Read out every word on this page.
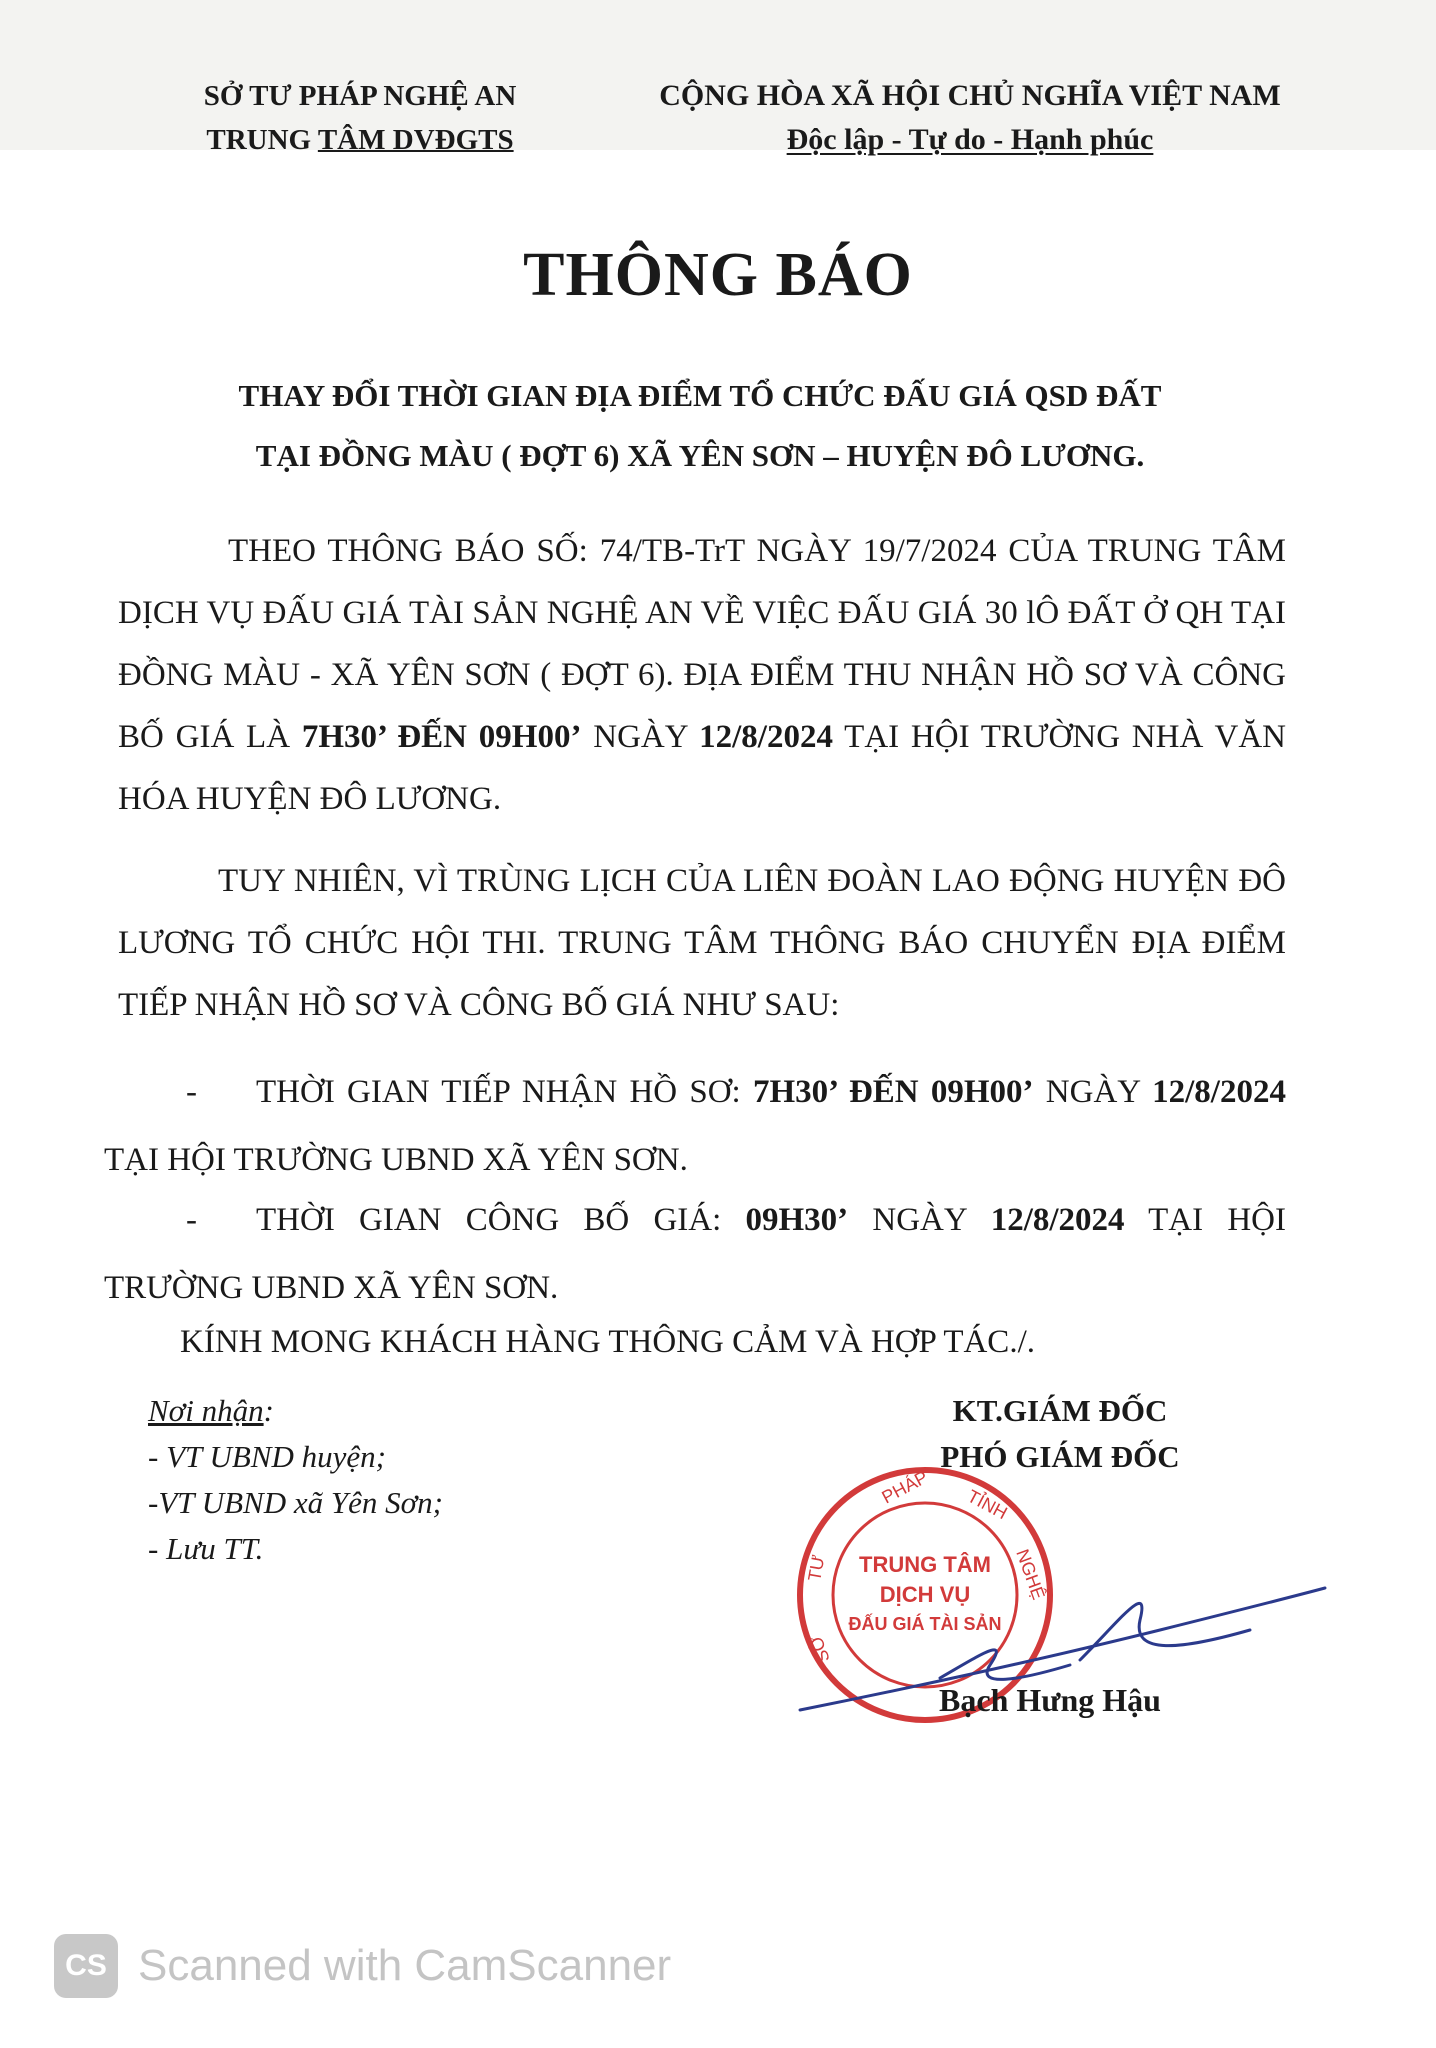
SỞ TƯ PHÁP NGHỆ AN
TRUNG TÂM DVĐGTS
CỘNG HÒA XÃ HỘI CHỦ NGHĨA VIỆT NAM
Độc lập - Tự do - Hạnh phúc
THÔNG BÁO
THAY ĐỔI THỜI GIAN ĐỊA ĐIỂM TỔ CHỨC ĐẤU GIÁ QSD ĐẤT
TẠI ĐỒNG MÀU ( ĐỢT 6) XÃ YÊN SƠN – HUYỆN ĐÔ LƯƠNG.
THEO THÔNG BÁO SỐ: 74/TB-TrT NGÀY 19/7/2024 CỦA TRUNG TÂM DỊCH VỤ ĐẤU GIÁ TÀI SẢN NGHỆ AN VỀ VIỆC ĐẤU GIÁ 30 lÔ ĐẤT Ở QH TẠI ĐỒNG MÀU - XÃ YÊN SƠN ( ĐỢT 6). ĐỊA ĐIỂM THU NHẬN HỒ SƠ VÀ CÔNG BỐ GIÁ LÀ 7H30’ ĐẾN 09H00’ NGÀY 12/8/2024 TẠI HỘI TRƯỜNG NHÀ VĂN HÓA HUYỆN ĐÔ LƯƠNG.
TUY NHIÊN, VÌ TRÙNG LỊCH CỦA LIÊN ĐOÀN LAO ĐỘNG HUYỆN ĐÔ LƯƠNG TỔ CHỨC HỘI THI. TRUNG TÂM THÔNG BÁO CHUYỂN ĐỊA ĐIỂM TIẾP NHẬN HỒ SƠ VÀ CÔNG BỐ GIÁ NHƯ SAU:
- THỜI GIAN TIẾP NHẬN HỒ SƠ: 7H30’ ĐẾN 09H00’ NGÀY 12/8/2024 TẠI HỘI TRƯỜNG UBND XÃ YÊN SƠN.
- THỜI GIAN CÔNG BỐ GIÁ: 09H30’ NGÀY 12/8/2024 TẠI HỘI TRƯỜNG UBND XÃ YÊN SƠN.
KÍNH MONG KHÁCH HÀNG THÔNG CẢM VÀ HỢP TÁC./.
Nơi nhận:
- VT UBND huyện;
-VT UBND xã Yên Sơn;
- Lưu TT.
KT.GIÁM ĐỐC
PHÓ GIÁM ĐỐC
PHÁP TỈNH
NGHỆ
TƯ
SỞ
TRUNG TÂM
DỊCH VỤ
ĐẤU GIÁ TÀI SẢN
Bạch Hưng Hậu
CS Scanned with CamScanner
